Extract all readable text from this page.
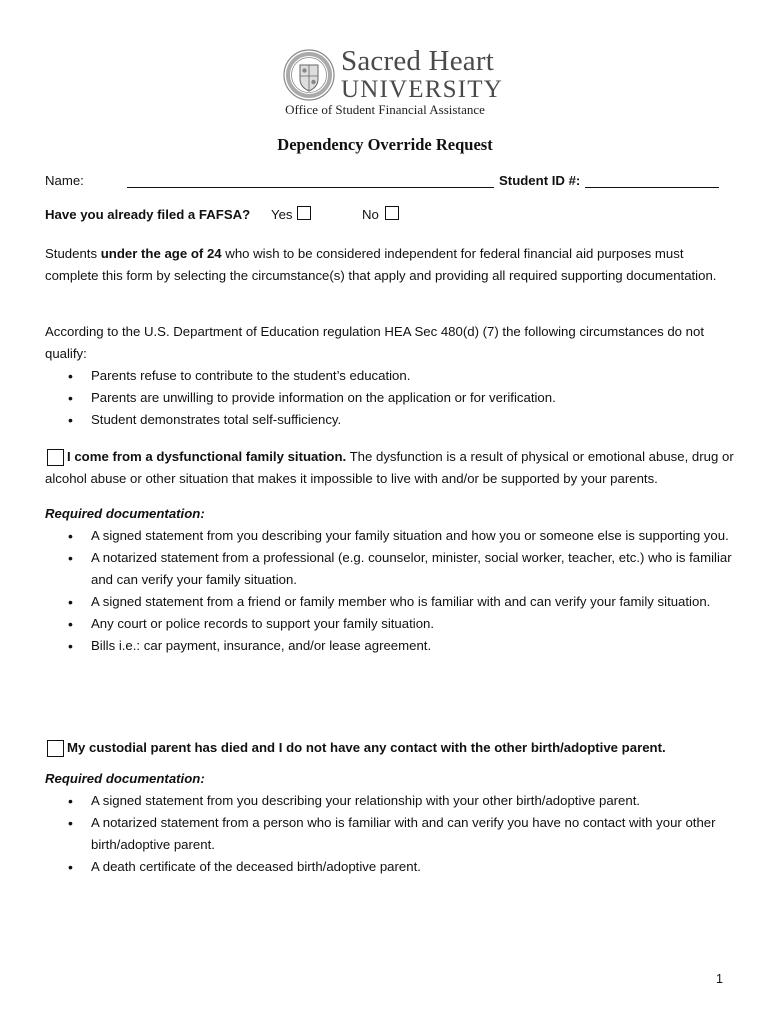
Sacred Heart
UNIVERSITY
Office of Student Financial Assistance
Dependency Override Request
Name:	Student ID #:
Have you already filed a FAFSA? Yes	No

Students under the age of 24 who wish to be considered independent for federal financial aid purposes must complete this form by selecting the circumstance(s) that apply and providing all required supporting documentation.

According to the U.S. Department of Education regulation HEA Sec 480(d) (7) the following circumstances do not qualify:

• Parents refuse to contribute to the student’s education.
• Parents are unwilling to provide information on the application or for verification.
• Student demonstrates total self-sufficiency.

I come from a dysfunctional family situation. The dysfunction is a result of physical or emotional abuse, drug or alcohol abuse or other situation that makes it impossible to live with and/or be supported by your parents.

Required documentation:
• A signed statement from you describing your family situation and how you or someone else is supporting you.
• A notarized statement from a professional (e.g. counselor, minister, social worker, teacher, etc.) who is familiar and can verify your family situation.
• A signed statement from a friend or family member who is familiar with and can verify your family situation.
• Any court or police records to support your family situation.
• Bills i.e.: car payment, insurance, and/or lease agreement.

My custodial parent has died and I do not have any contact with the other birth/adoptive parent.

Required documentation:
• A signed statement from you describing your relationship with your other birth/adoptive parent.
• A notarized statement from a person who is familiar with and can verify you have no contact with your other birth/adoptive parent.
• A death certificate of the deceased birth/adoptive parent.
1
